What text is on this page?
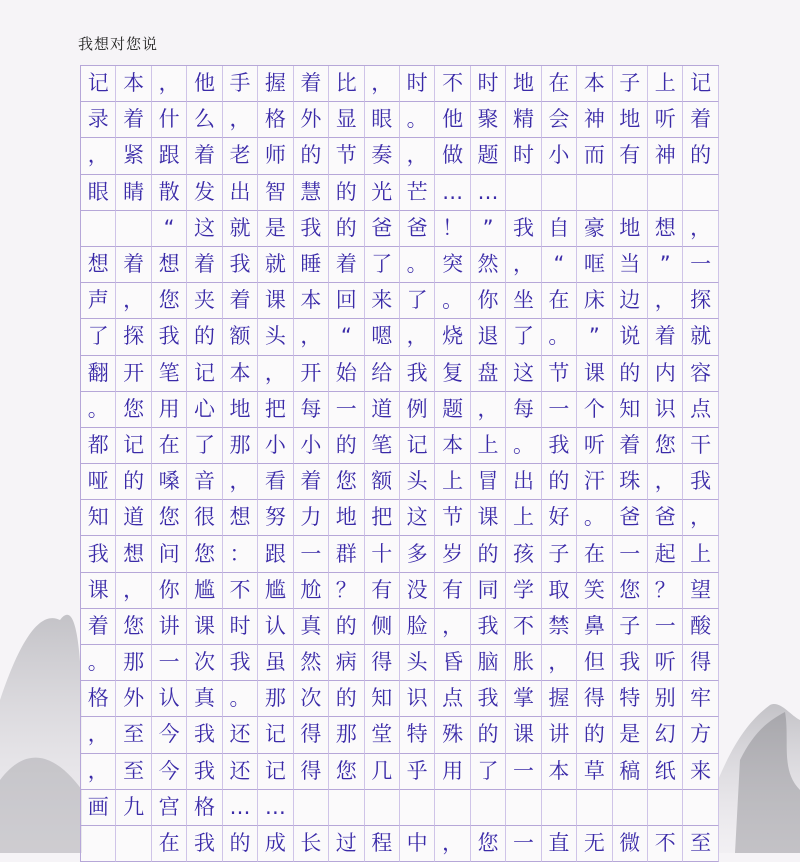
我想对您说
记 本 ， 他 手 握 着 比 ， 时 不 时 地 在 本 子 上 记
录 着 什 么 ， 格 外 显 眼 。 他 聚 精 会 神 地 听 着
， 紧 跟 着 老 师 的 节 奏 ， 做 题 时 小 而 有 神 的
眼 睛 散 发 出 智 慧 的 光 芒 … …
“ 这 就 是 我 的 爸 爸 ！ ” 我 自 豪 地 想 ，
想 着 想 着 我 就 睡 着 了 。 突 然 ， “ 哐 当 ” 一
声 ， 您 夹 着 课 本 回 来 了 。 你 坐 在 床 边 ， 探
了 探 我 的 额 头 ， “ 嗯 ， 烧 退 了 。 ” 说 着 就
翻 开 笔 记 本 ， 开 始 给 我 复 盘 这 节 课 的 内 容
。 您 用 心 地 把 每 一 道 例 题 ， 每 一 个 知 识 点
都 记 在 了 那 小 小 的 笔 记 本 上 。 我 听 着 您 干
哑 的 嗓 音 ， 看 着 您 额 头 上 冒 出 的 汗 珠 ， 我
知 道 您 很 想 努 力 地 把 这 节 课 上 好 。 爸 爸 ，
我 想 问 您 ： 跟 一 群 十 多 岁 的 孩 子 在 一 起 上
课 ， 你 尴 不 尴 尬 ？ 有 没 有 同 学 取 笑 您 ？ 望
着 您 讲 课 时 认 真 的 侧 脸 ， 我 不 禁 鼻 子 一 酸
。 那 一 次 我 虽 然 病 得 头 昏 脑 胀 ， 但 我 听 得
格 外 认 真 。 那 次 的 知 识 点 我 掌 握 得 特 别 牢
， 至 今 我 还 记 得 那 堂 特 殊 的 课 讲 的 是 幻 方
， 至 今 我 还 记 得 您 几 乎 用 了 一 本 草 稿 纸 来
画 九 宫 格 … …
在 我 的 成 长 过 程 中 ， 您 一 直 无 微 不 至
